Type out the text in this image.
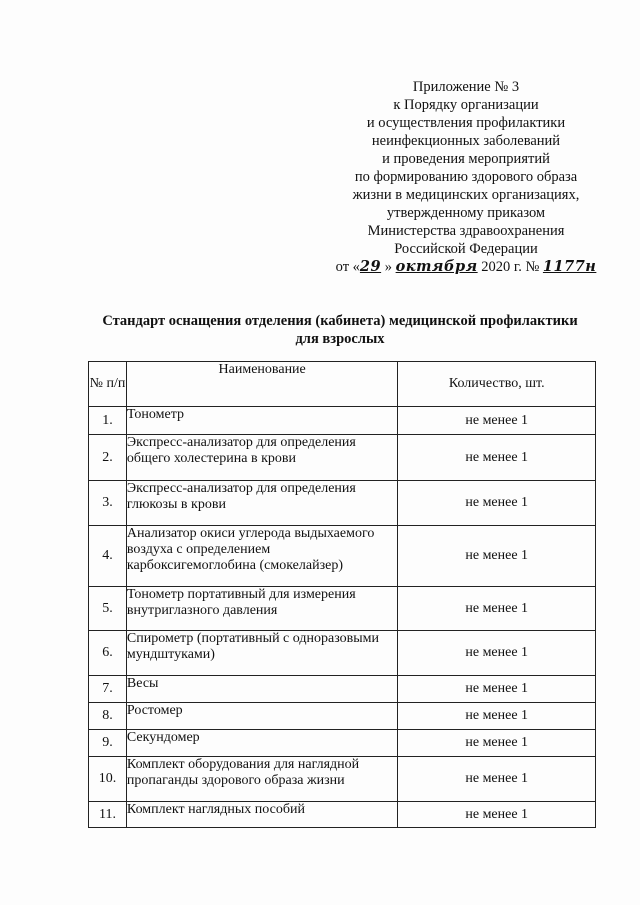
Приложение № 3
к Порядку организации
и осуществления профилактики
неинфекционных заболеваний
и проведения мероприятий
по формированию здорового образа
жизни в медицинских организациях,
утвержденному приказом
Министерства здравоохранения
Российской Федерации
от «29 » октября 2020 г. № 1177н
Стандарт оснащения отделения (кабинета) медицинской профилактики
для взрослых
№ п/п	Наименование	Количество, шт.
1.	Тонометр	не менее 1
2.	Экспресс-анализатор для определения общего холестерина в крови	не менее 1
3.	Экспресс-анализатор для определения глюкозы в крови	не менее 1
4.	Анализатор окиси углерода выдыхаемого воздуха с определением карбоксигемоглобина (смокелайзер)	не менее 1
5.	Тонометр портативный для измерения внутриглазного давления	не менее 1
6.	Спирометр (портативный с одноразовыми мундштуками)	не менее 1
7.	Весы	не менее 1
8.	Ростомер	не менее 1
9.	Секундомер	не менее 1
10.	Комплект оборудования для наглядной пропаганды здорового образа жизни	не менее 1
11.	Комплект наглядных пособий	не менее 1
